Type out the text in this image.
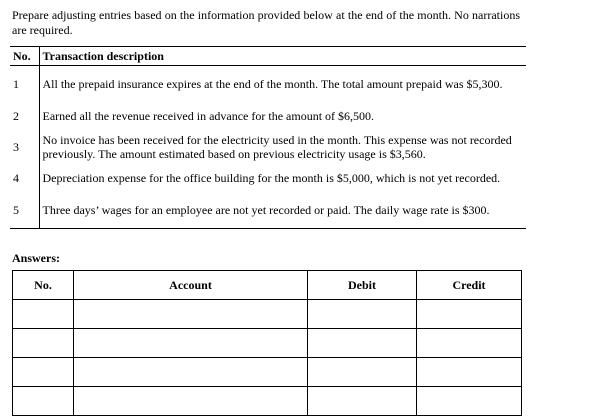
Prepare adjusting entries based on the information provided below at the end of the month. No narrations are required.

No.	Transaction description
1	All the prepaid insurance expires at the end of the month. The total amount prepaid was $5,300.
2	Earned all the revenue received in advance for the amount of $6,500.
3	No invoice has been received for the electricity used in the month. This expense was not recorded previously. The amount estimated based on previous electricity usage is $3,560.
4	Depreciation expense for the office building for the month is $5,000, which is not yet recorded.
5	Three days’ wages for an employee are not yet recorded or paid. The daily wage rate is $300.

Answers:

No.	Account	Debit	Credit
